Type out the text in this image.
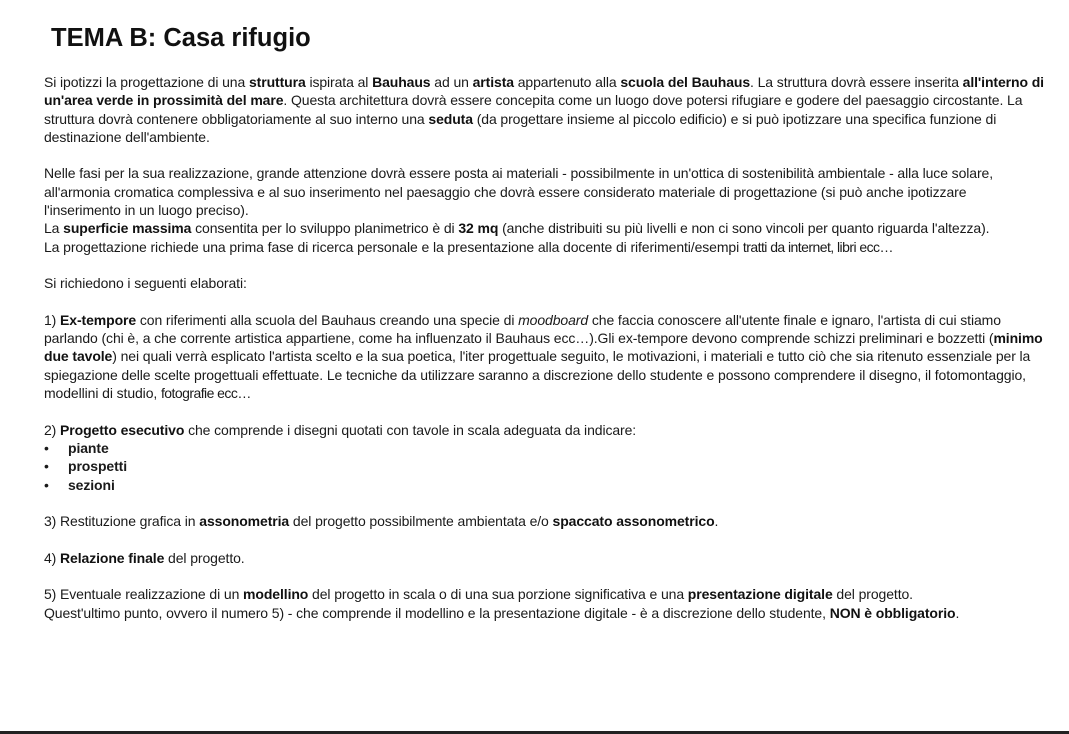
TEMA B: Casa rifugio

Si ipotizzi la progettazione di una struttura ispirata al Bauhaus ad un artista appartenuto alla scuola del Bauhaus. La struttura dovrà essere inserita all'interno di un'area verde in prossimità del mare. Questa architettura dovrà essere concepita come un luogo dove potersi rifugiare e godere del paesaggio circostante. La struttura dovrà contenere obbligatoriamente al suo interno una seduta (da progettare insieme al piccolo edificio) e si può ipotizzare una specifica funzione di destinazione dell'ambiente.

Nelle fasi per la sua realizzazione, grande attenzione dovrà essere posta ai materiali - possibilmente in un'ottica di sostenibilità ambientale - alla luce solare, all'armonia cromatica complessiva e al suo inserimento nel paesaggio che dovrà essere considerato materiale di progettazione (si può anche ipotizzare l'inserimento in un luogo preciso).

La superficie massima consentita per lo sviluppo planimetrico è di 32 mq (anche distribuiti su più livelli e non ci sono vincoli per quanto riguarda l'altezza).

La progettazione richiede una prima fase di ricerca personale e la presentazione alla docente di riferimenti/esempi tratti da internet, libri ecc…

Si richiedono i seguenti elaborati:

1) Ex-tempore con riferimenti alla scuola del Bauhaus creando una specie di moodboard che faccia conoscere all'utente finale e ignaro, l'artista di cui stiamo parlando (chi è, a che corrente artistica appartiene, come ha influenzato il Bauhaus ecc…).Gli ex-tempore devono comprende schizzi preliminari e bozzetti (minimo due tavole) nei quali verrà esplicato l'artista scelto e la sua poetica, l'iter progettuale seguito, le motivazioni, i materiali e tutto ciò che sia ritenuto essenziale per la spiegazione delle scelte progettuali effettuate. Le tecniche da utilizzare saranno a discrezione dello studente e possono comprendere il disegno, il fotomontaggio, modellini di studio, fotografie ecc…

2) Progetto esecutivo che comprende i disegni quotati con tavole in scala adeguata da indicare:

• piante
• prospetti
• sezioni

3) Restituzione grafica in assonometria del progetto possibilmente ambientata e/o spaccato assonometrico.

4) Relazione finale del progetto.

5) Eventuale realizzazione di un modellino del progetto in scala o di una sua porzione significativa e una presentazione digitale del progetto.

Quest'ultimo punto, ovvero il numero 5) - che comprende il modellino e la presentazione digitale - è a discrezione dello studente, NON è obbligatorio.
